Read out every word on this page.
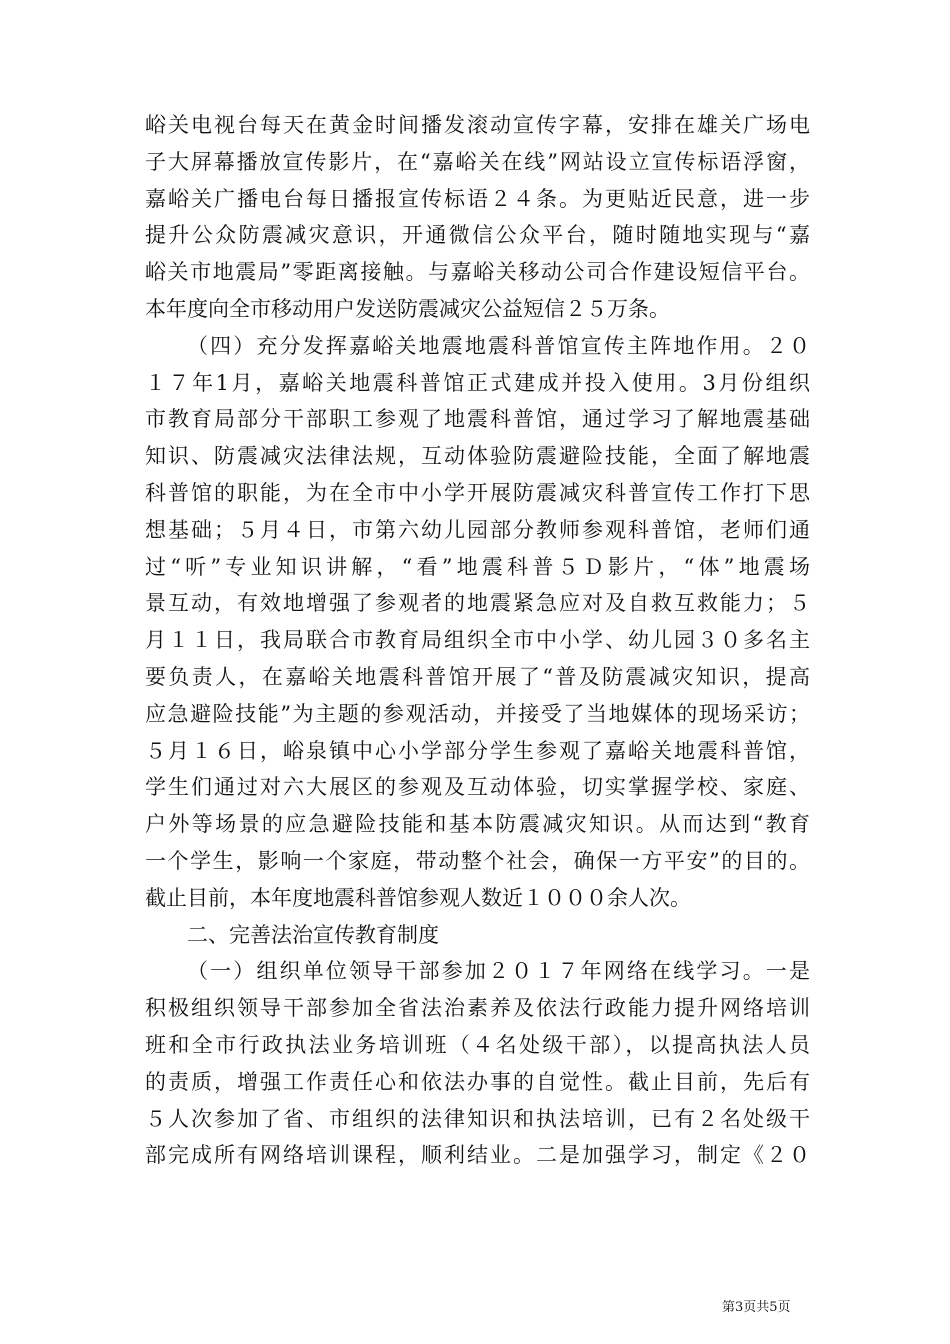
峪关电视台每天在黄金时间播发滚动宣传字幕，安排在雄关广场电
子大屏幕播放宣传影片，在“嘉峪关在线”网站设立宣传标语浮窗，
嘉峪关广播电台每日播报宣传标语２４条。为更贴近民意，进一步
提升公众防震减灾意识，开通微信公众平台，随时随地实现与“嘉
峪关市地震局”零距离接触。与嘉峪关移动公司合作建设短信平台。
本年度向全市移动用户发送防震减灾公益短信２５万条。
（四）充分发挥嘉峪关地震地震科普馆宣传主阵地作用。２０
１７年1月，嘉峪关地震科普馆正式建成并投入使用。3月份组织
市教育局部分干部职工参观了地震科普馆，通过学习了解地震基础
知识、防震减灾法律法规，互动体验防震避险技能，全面了解地震
科普馆的职能，为在全市中小学开展防震减灾科普宣传工作打下思
想基础；５月４日，市第六幼儿园部分教师参观科普馆，老师们通
过“听”专业知识讲解，“看”地震科普５Ｄ影片，“体”地震场
景互动，有效地增强了参观者的地震紧急应对及自救互救能力；５
月１１日，我局联合市教育局组织全市中小学、幼儿园３０多名主
要负责人，在嘉峪关地震科普馆开展了“普及防震减灾知识，提高
应急避险技能”为主题的参观活动，并接受了当地媒体的现场采访；
５月１６日，峪泉镇中心小学部分学生参观了嘉峪关地震科普馆，
学生们通过对六大展区的参观及互动体验，切实掌握学校、家庭、
户外等场景的应急避险技能和基本防震减灾知识。从而达到“教育
一个学生，影响一个家庭，带动整个社会，确保一方平安”的目的。
截止目前，本年度地震科普馆参观人数近１０００余人次。
二、完善法治宣传教育制度
（一）组织单位领导干部参加２０１７年网络在线学习。一是
积极组织领导干部参加全省法治素养及依法行政能力提升网络培训
班和全市行政执法业务培训班（４名处级干部），以提高执法人员
的责质，增强工作责任心和依法办事的自觉性。截止目前，先后有
５人次参加了省、市组织的法律知识和执法培训，已有２名处级干
部完成所有网络培训课程，顺利结业。二是加强学习，制定《２０
第3页共5页
